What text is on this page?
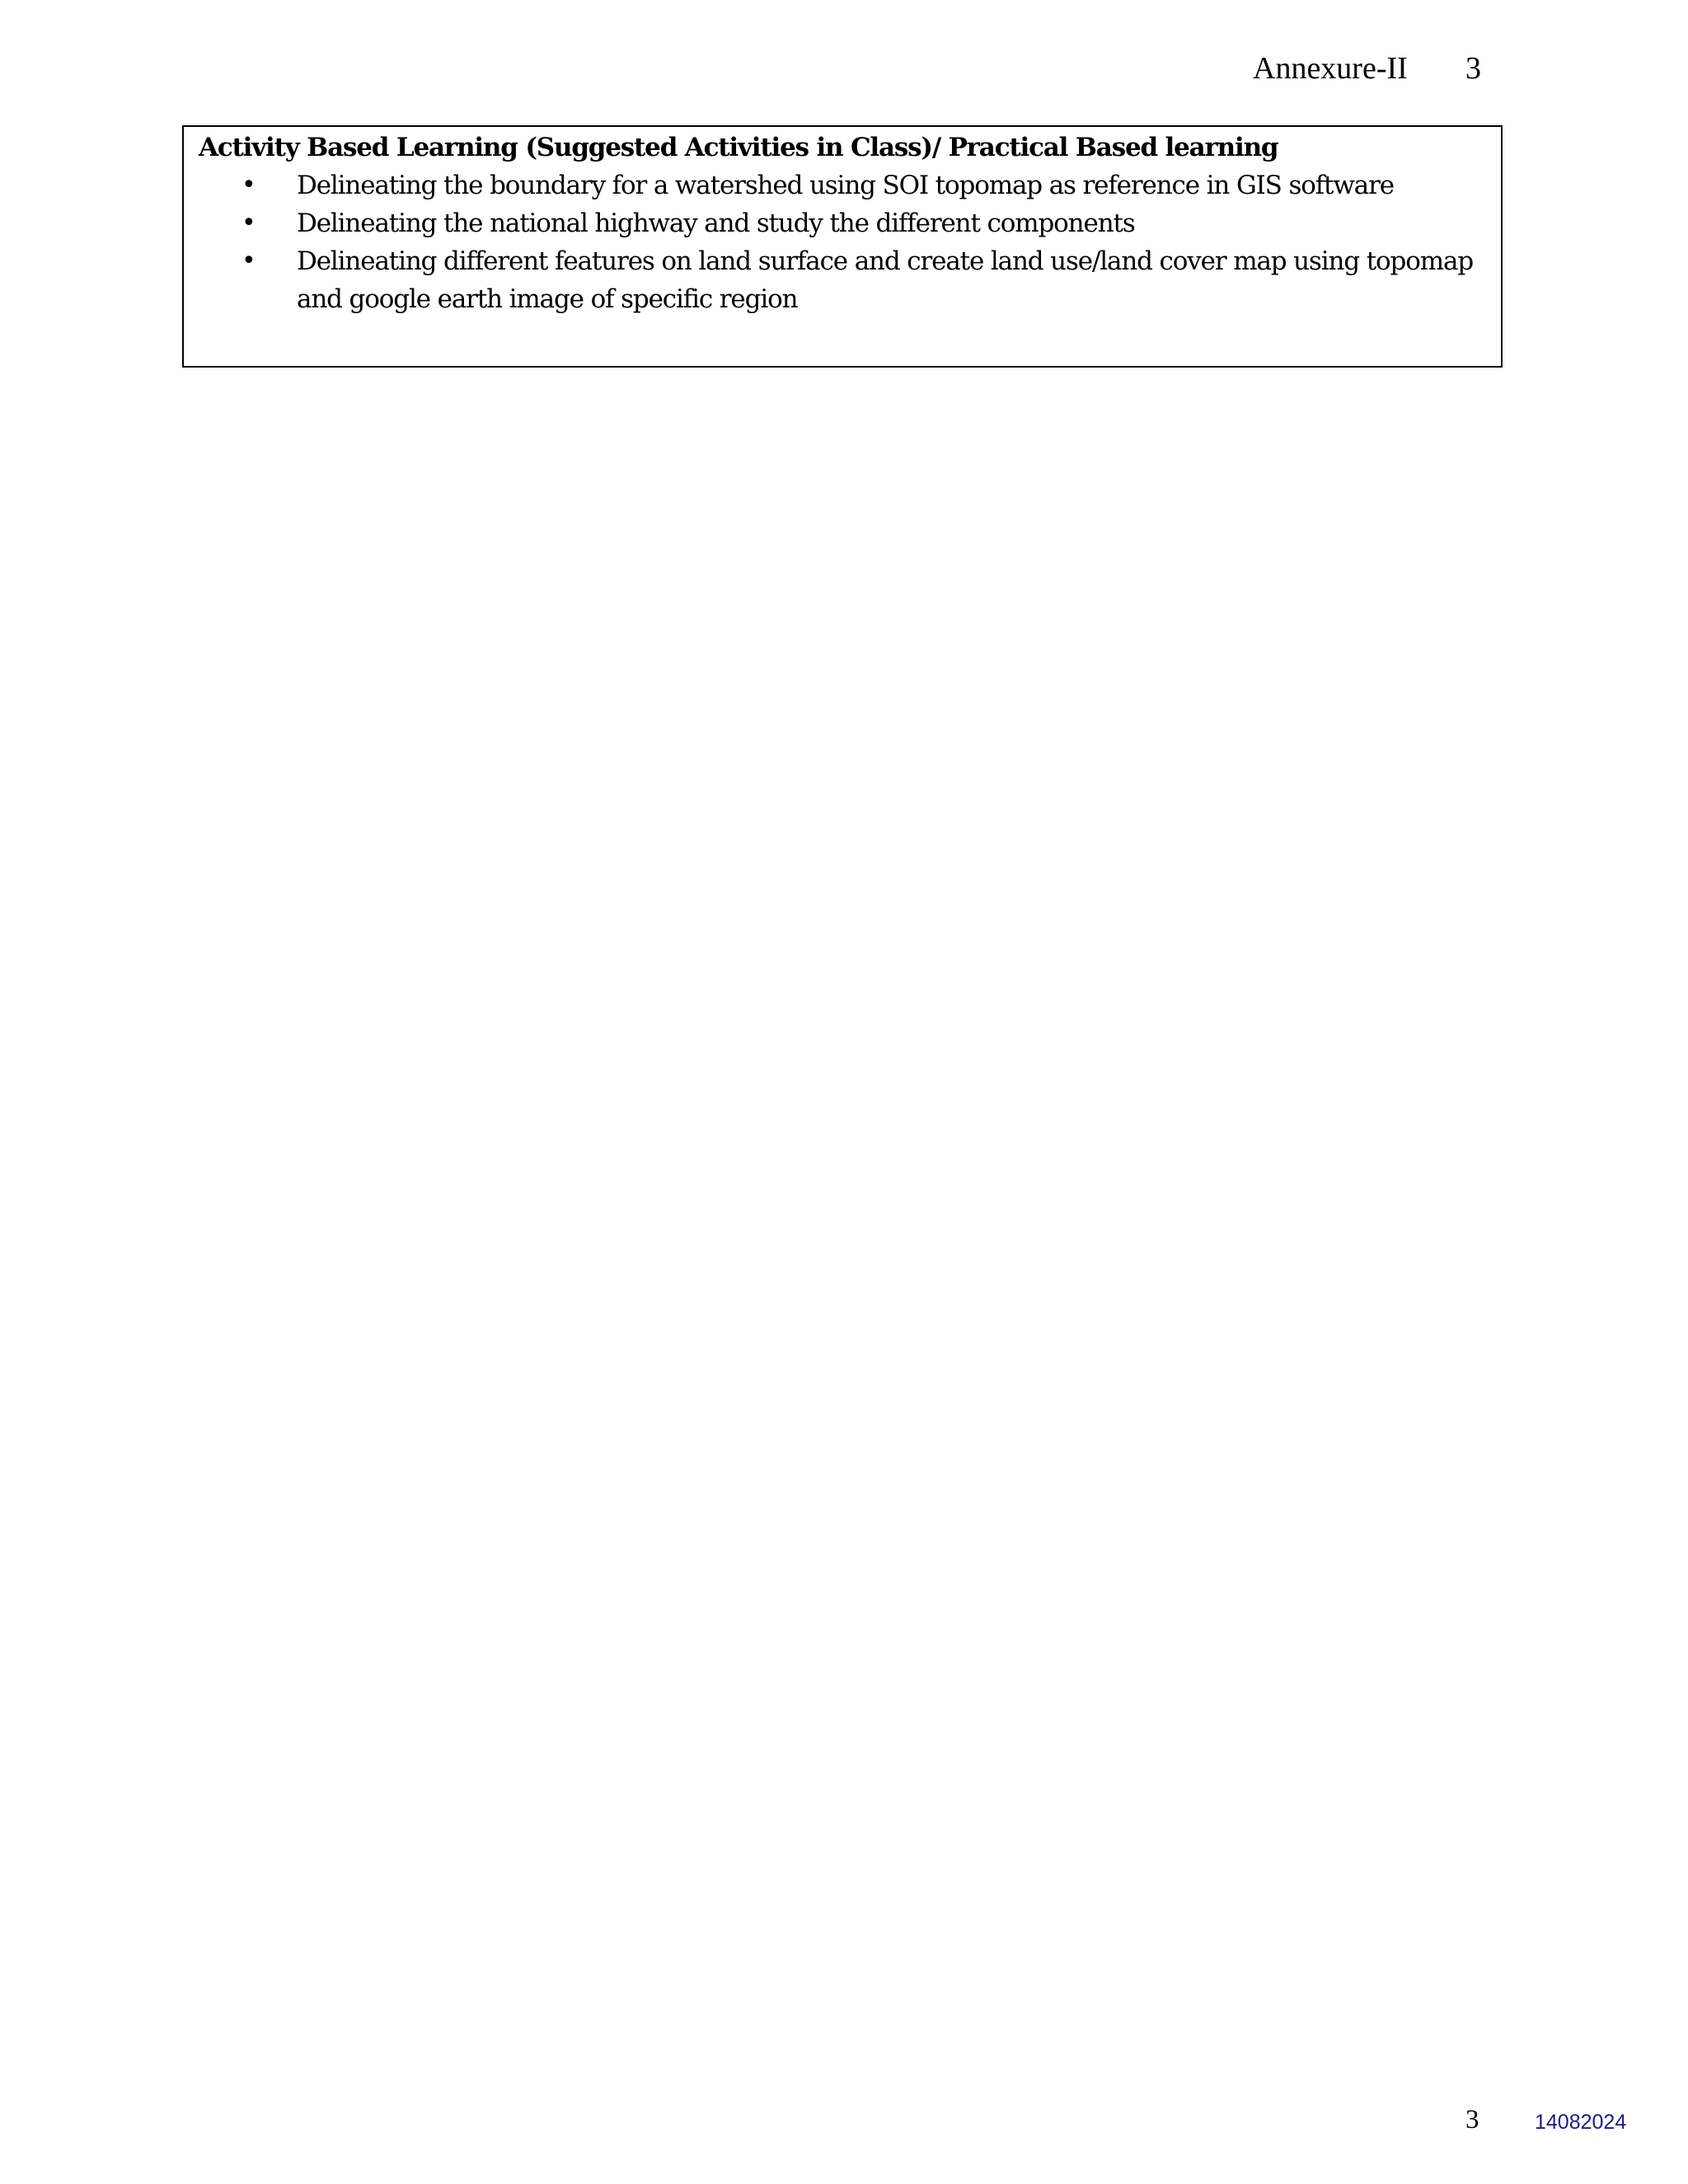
Annexure-II 3
Activity Based Learning (Suggested Activities in Class)/ Practical Based learning
• Delineating the boundary for a watershed using SOI topomap as reference in GIS software
• Delineating the national highway and study the different components
• Delineating different features on land surface and create land use/land cover map using topomap and google earth image of specific region
3	14082024
